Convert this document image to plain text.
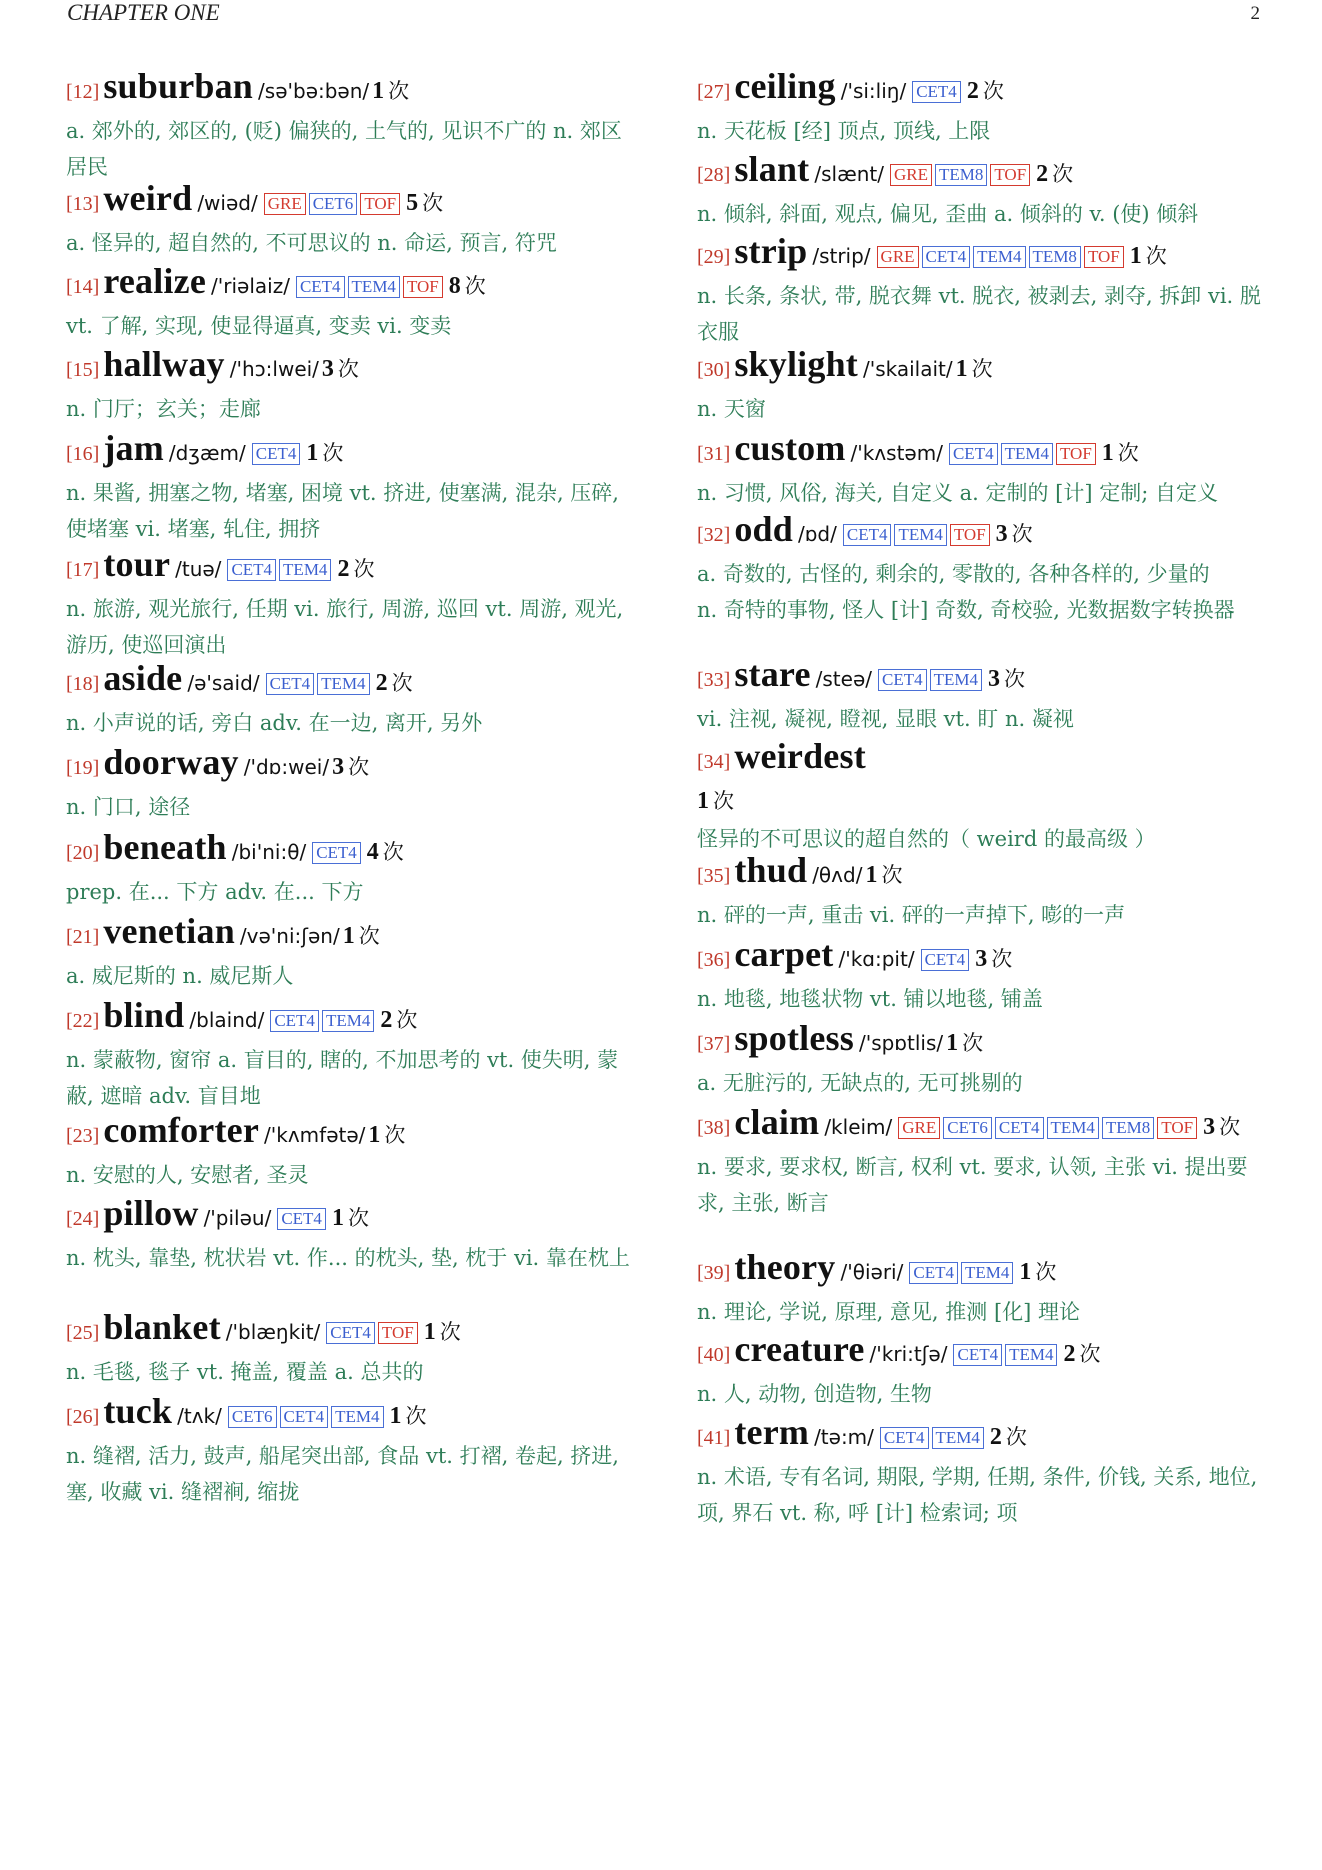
CHAPTER ONE	2
[12] suburban /sə'bə:bən/ 1 次
a. 郊外的, 郊区的, (贬) 偏狭的, 土气的, 见识不广的 n. 郊区居民
[13] weird /wiəd/ GRE CET6 TOF 5 次
a. 怪异的, 超自然的, 不可思议的 n. 命运, 预言, 符咒
[14] realize /'riəlaiz/ CET4 TEM4 TOF 8 次
vt. 了解, 实现, 使显得逼真, 变卖 vi. 变卖
[15] hallway /'hɔ:lwei/ 3 次
n. 门厅；玄关；走廊
[16] jam /dʒæm/ CET4 1 次
n. 果酱, 拥塞之物, 堵塞, 困境 vt. 挤进, 使塞满, 混杂, 压碎, 使堵塞 vi. 堵塞, 轧住, 拥挤
[17] tour /tuə/ CET4 TEM4 2 次
n. 旅游, 观光旅行, 任期 vi. 旅行, 周游, 巡回 vt. 周游, 观光, 游历, 使巡回演出
[18] aside /ə'said/ CET4 TEM4 2 次
n. 小声说的话, 旁白 adv. 在一边, 离开, 另外
[19] doorway /'dɒ:wei/ 3 次
n. 门口, 途径
[20] beneath /bi'ni:θ/ CET4 4 次
prep. 在... 下方 adv. 在... 下方
[21] venetian /və'ni:ʃən/ 1 次
a. 威尼斯的 n. 威尼斯人
[22] blind /blaind/ CET4 TEM4 2 次
n. 蒙蔽物, 窗帘 a. 盲目的, 瞎的, 不加思考的 vt. 使失明, 蒙蔽, 遮暗 adv. 盲目地
[23] comforter /'kʌmfətə/ 1 次
n. 安慰的人, 安慰者, 圣灵
[24] pillow /'piləu/ CET4 1 次
n. 枕头, 靠垫, 枕状岩 vt. 作... 的枕头, 垫, 枕于 vi. 靠在枕上
[25] blanket /'blæŋkit/ CET4 TOF 1 次
n. 毛毯, 毯子 vt. 掩盖, 覆盖 a. 总共的
[26] tuck /tʌk/ CET6 CET4 TEM4 1 次
n. 缝褶, 活力, 鼓声, 船尾突出部, 食品 vt. 打褶, 卷起, 挤进, 塞, 收藏 vi. 缝褶裥, 缩拢
[27] ceiling /'si:liŋ/ CET4 2 次
n. 天花板 [经] 顶点, 顶线, 上限
[28] slant /slænt/ GRE TEM8 TOF 2 次
n. 倾斜, 斜面, 观点, 偏见, 歪曲 a. 倾斜的 v. (使) 倾斜
[29] strip /strip/ GRE CET4 TEM4 TEM8 TOF 1 次
n. 长条, 条状, 带, 脱衣舞 vt. 脱衣, 被剥去, 剥夺, 拆卸 vi. 脱衣服
[30] skylight /'skailait/ 1 次
n. 天窗
[31] custom /'kʌstəm/ CET4 TEM4 TOF 1 次
n. 习惯, 风俗, 海关, 自定义 a. 定制的 [计] 定制; 自定义
[32] odd /ɒd/ CET4 TEM4 TOF 3 次
a. 奇数的, 古怪的, 剩余的, 零散的, 各种各样的, 少量的
n. 奇特的事物, 怪人 [计] 奇数, 奇校验, 光数据数字转换器
[33] stare /steə/ CET4 TEM4 3 次
vi. 注视, 凝视, 瞪视, 显眼 vt. 盯 n. 凝视
[34] weirdest
1 次
怪异的不可思议的超自然的（ weird 的最高级 ）
[35] thud /θʌd/ 1 次
n. 砰的一声, 重击 vi. 砰的一声掉下, 嘭的一声
[36] carpet /'kɑ:pit/ CET4 3 次
n. 地毯, 地毯状物 vt. 铺以地毯, 铺盖
[37] spotless /'spɒtlis/ 1 次
a. 无脏污的, 无缺点的, 无可挑剔的
[38] claim /kleim/ GRE CET6 CET4 TEM4 TEM8 TOF 3 次
n. 要求, 要求权, 断言, 权利 vt. 要求, 认领, 主张 vi. 提出要求, 主张, 断言
[39] theory /'θiəri/ CET4 TEM4 1 次
n. 理论, 学说, 原理, 意见, 推测 [化] 理论
[40] creature /'kri:tʃə/ CET4 TEM4 2 次
n. 人, 动物, 创造物, 生物
[41] term /tə:m/ CET4 TEM4 2 次
n. 术语, 专有名词, 期限, 学期, 任期, 条件, 价钱, 关系, 地位, 项, 界石 vt. 称, 呼 [计] 检索词; 项
